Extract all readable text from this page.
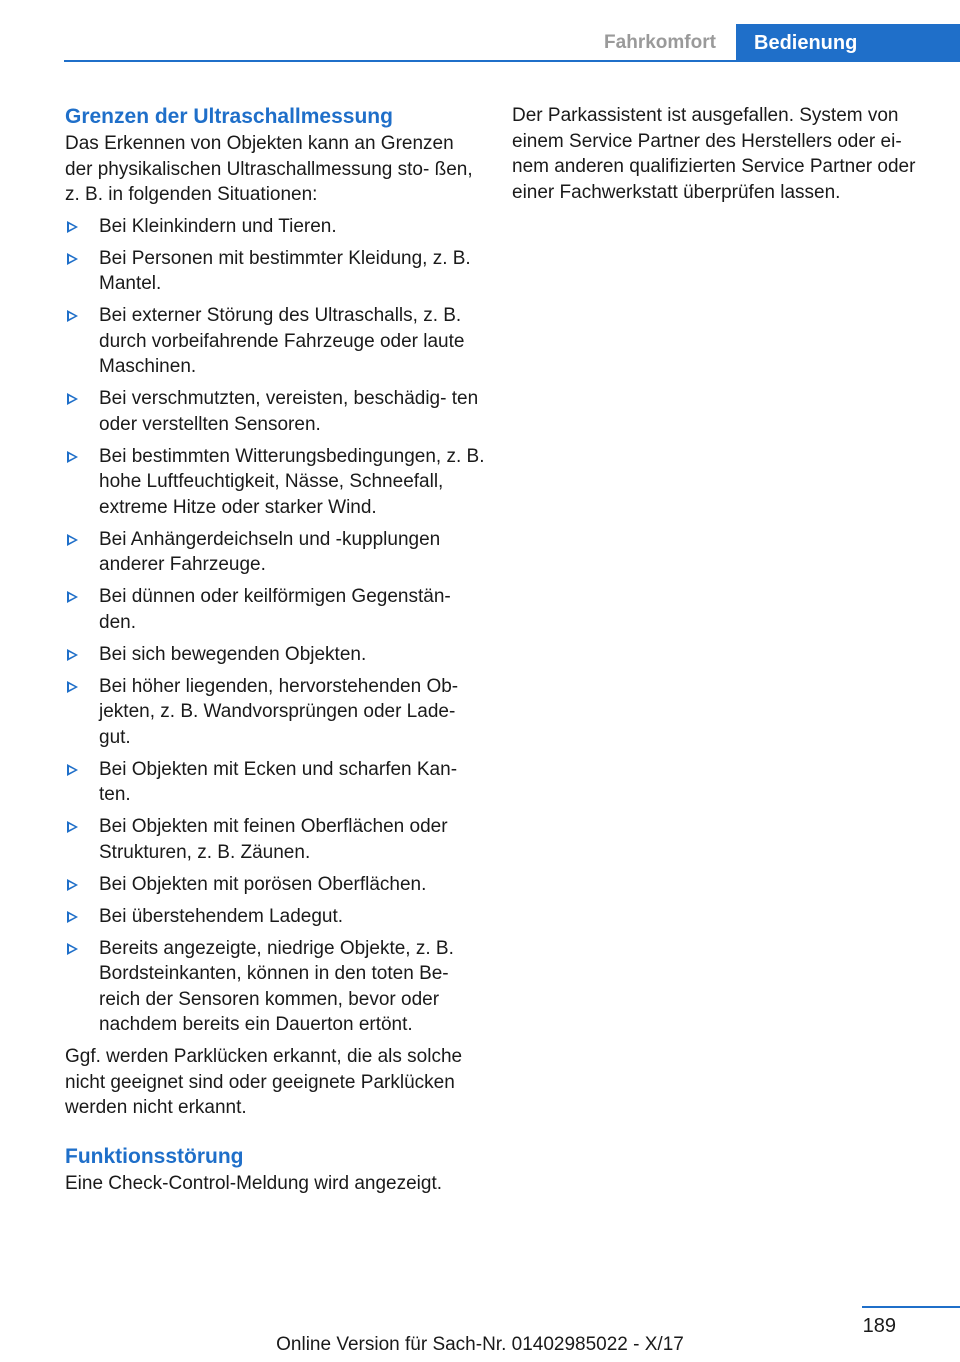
Fahrkomfort	Bedienung
Grenzen der Ultraschallmessung

Das Erkennen von Objekten kann an Grenzen der physikalischen Ultraschallmessung sto‐ ßen, z. B. in folgenden Situationen:

Bei Kleinkindern und Tieren.
Bei Personen mit bestimmter Kleidung, z. B. Mantel.
Bei externer Störung des Ultraschalls, z. B. durch vorbeifahrende Fahrzeuge oder laute Maschinen.
Bei verschmutzten, vereisten, beschädig‐ ten oder verstellten Sensoren.
Bei bestimmten Witterungsbedingungen, z. B. hohe Luftfeuchtigkeit, Nässe, Schneefall, extreme Hitze oder starker Wind.
Bei Anhängerdeichseln und -kupplungen anderer Fahrzeuge.
Bei dünnen oder keilförmigen Gegenstän‐ den.
Bei sich bewegenden Objekten.
Bei höher liegenden, hervorstehenden Ob‐ jekten, z. B. Wandvorsprüngen oder Lade‐ gut.
Bei Objekten mit Ecken und scharfen Kan‐ ten.
Bei Objekten mit feinen Oberflächen oder Strukturen, z. B. Zäunen.
Bei Objekten mit porösen Oberflächen.
Bei überstehendem Ladegut.
Bereits angezeigte, niedrige Objekte, z. B. Bordsteinkanten, können in den toten Be‐ reich der Sensoren kommen, bevor oder nachdem bereits ein Dauerton ertönt.

Ggf. werden Parklücken erkannt, die als solche nicht geeignet sind oder geeignete Parklücken werden nicht erkannt.

Funktionsstörung

Eine Check-Control-Meldung wird angezeigt.

Der Parkassistent ist ausgefallen. System von einem Service Partner des Herstellers oder ei‐ nem anderen qualifizierten Service Partner oder einer Fachwerkstatt überprüfen lassen.

189
Online Version für Sach-Nr. 01402985022 - X/17
